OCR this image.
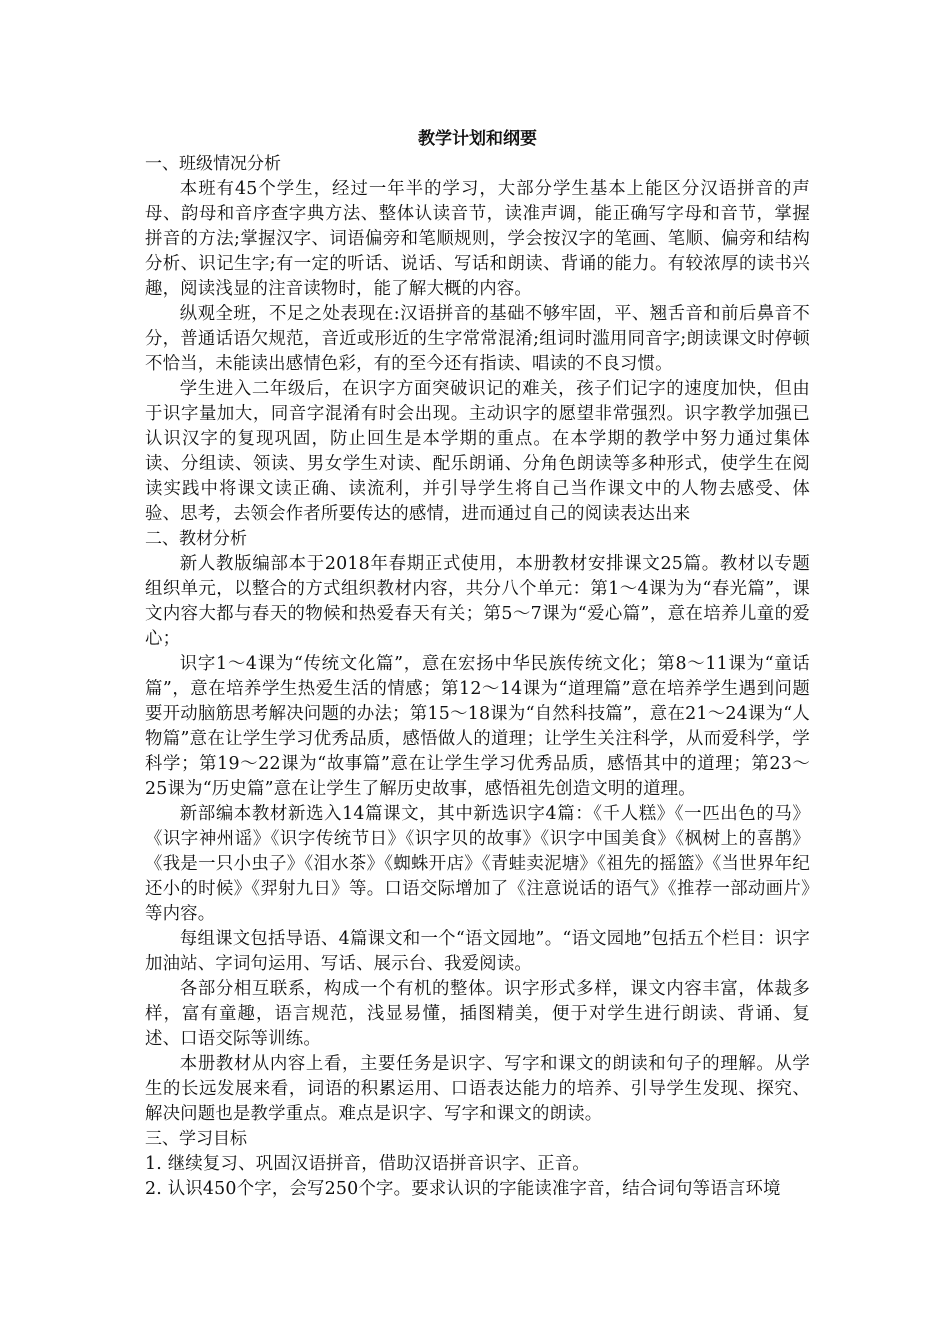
教学计划和纲要

一、班级情况分析

本班有45个学生，经过一年半的学习，大部分学生基本上能区分汉语拼音的声母、韵母和音序查字典方法、整体认读音节，读准声调，能正确写字母和音节，掌握拼音的方法;掌握汉字、词语偏旁和笔顺规则，学会按汉字的笔画、笔顺、偏旁和结构分析、识记生字;有一定的听话、说话、写话和朗读、背诵的能力。有较浓厚的读书兴趣，阅读浅显的注音读物时，能了解大概的内容。

纵观全班，不足之处表现在:汉语拼音的基础不够牢固，平、翘舌音和前后鼻音不分，普通话语欠规范，音近或形近的生字常常混淆;组词时滥用同音字;朗读课文时停顿不恰当，未能读出感情色彩，有的至今还有指读、唱读的不良习惯。

学生进入二年级后，在识字方面突破识记的难关，孩子们记字的速度加快，但由于识字量加大，同音字混淆有时会出现。主动识字的愿望非常强烈。识字教学加强已认识汉字的复现巩固，防止回生是本学期的重点。在本学期的教学中努力通过集体读、分组读、领读、男女学生对读、配乐朗诵、分角色朗读等多种形式，使学生在阅读实践中将课文读正确、读流利，并引导学生将自己当作课文中的人物去感受、体验、思考，去领会作者所要传达的感情，进而通过自己的阅读表达出来

二、教材分析

新人教版编部本于2018年春期正式使用，本册教材安排课文25篇。教材以专题组织单元，以整合的方式组织教材内容，共分八个单元：第1～4课为为“春光篇”，课文内容大都与春天的物候和热爱春天有关；第5～7课为“爱心篇”，意在培养儿童的爱心；

识字1～4课为“传统文化篇”，意在宏扬中华民族传统文化；第8～11课为“童话篇”，意在培养学生热爱生活的情感；第12～14课为“道理篇”意在培养学生遇到问题要开动脑筋思考解决问题的办法；第15～18课为“自然科技篇”，意在21～24课为“人物篇”意在让学生学习优秀品质，感悟做人的道理；让学生关注科学，从而爱科学，学科学；第19～22课为“故事篇”意在让学生学习优秀品质，感悟其中的道理；第23～25课为“历史篇”意在让学生了解历史故事，感悟祖先创造文明的道理。

新部编本教材新选入14篇课文，其中新选识字4篇：《千人糕》《一匹出色的马》《识字神州谣》《识字传统节日》《识字贝的故事》《识字中国美食》《枫树上的喜鹊》《我是一只小虫子》《泪水茶》《蜘蛛开店》《青蛙卖泥塘》《祖先的摇篮》《当世界年纪还小的时候》《羿射九日》等。口语交际增加了《注意说话的语气》《推荐一部动画片》等内容。

每组课文包括导语、4篇课文和一个“语文园地”。“语文园地”包括五个栏目：识字加油站、字词句运用、写话、展示台、我爱阅读。

各部分相互联系，构成一个有机的整体。识字形式多样，课文内容丰富，体裁多样，富有童趣，语言规范，浅显易懂，插图精美，便于对学生进行朗读、背诵、复述、口语交际等训练。

本册教材从内容上看，主要任务是识字、写字和课文的朗读和句子的理解。从学生的长远发展来看，词语的积累运用、口语表达能力的培养、引导学生发现、探究、解决问题也是教学重点。难点是识字、写字和课文的朗读。

三、学习目标

1. 继续复习、巩固汉语拼音，借助汉语拼音识字、正音。

2. 认识450个字，会写250个字。要求认识的字能读准字音，结合词句等语言环境
